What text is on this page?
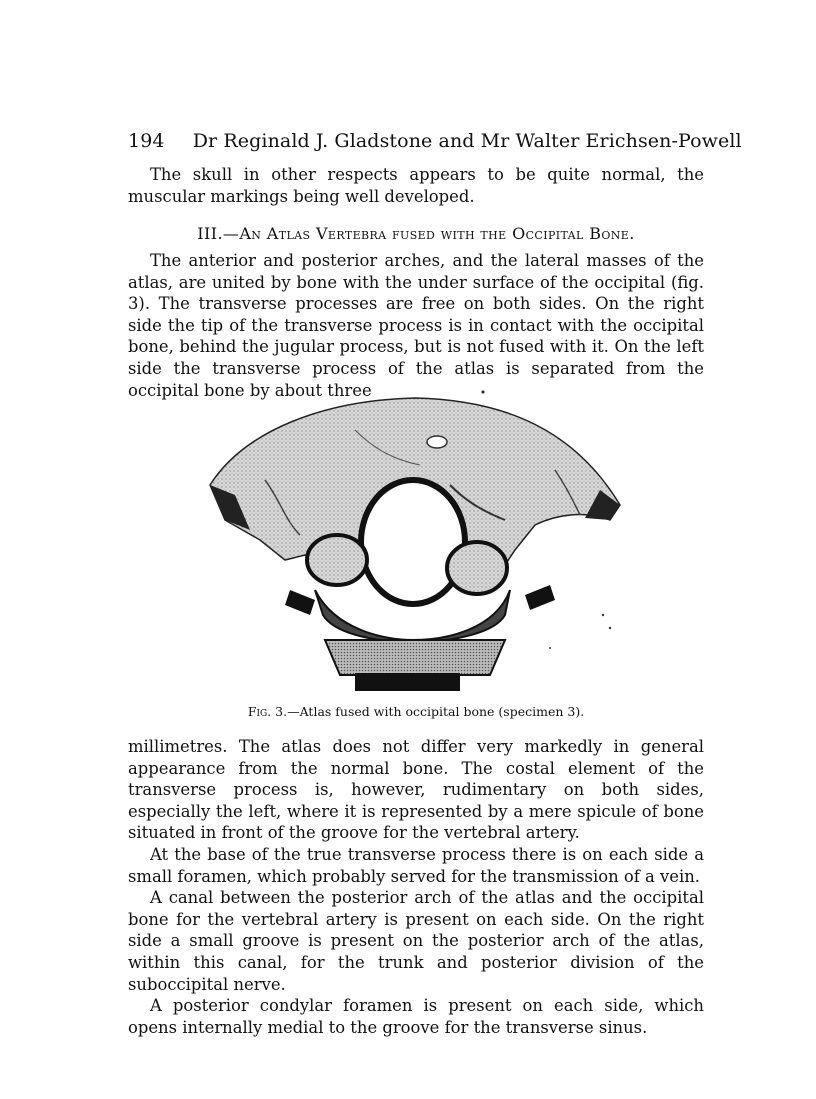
194 Dr Reginald J. Gladstone and Mr Walter Erichsen-Powell

The skull in other respects appears to be quite normal, the muscular markings being well developed.

III.—An Atlas Vertebra fused with the Occipital Bone.

The anterior and posterior arches, and the lateral masses of the atlas, are united by bone with the under surface of the occipital (fig. 3). The transverse processes are free on both sides. On the right side the tip of the transverse process is in contact with the occipital bone, behind the jugular process, but is not fused with it. On the left side the transverse process of the atlas is separated from the occipital bone by about three

Fig. 3.—Atlas fused with occipital bone (specimen 3).

millimetres. The atlas does not differ very markedly in general appearance from the normal bone. The costal element of the transverse process is, however, rudimentary on both sides, especially the left, where it is represented by a mere spicule of bone situated in front of the groove for the vertebral artery.

At the base of the true transverse process there is on each side a small foramen, which probably served for the transmission of a vein.

A canal between the posterior arch of the atlas and the occipital bone for the vertebral artery is present on each side. On the right side a small groove is present on the posterior arch of the atlas, within this canal, for the trunk and posterior division of the suboccipital nerve.

A posterior condylar foramen is present on each side, which opens internally medial to the groove for the transverse sinus.
